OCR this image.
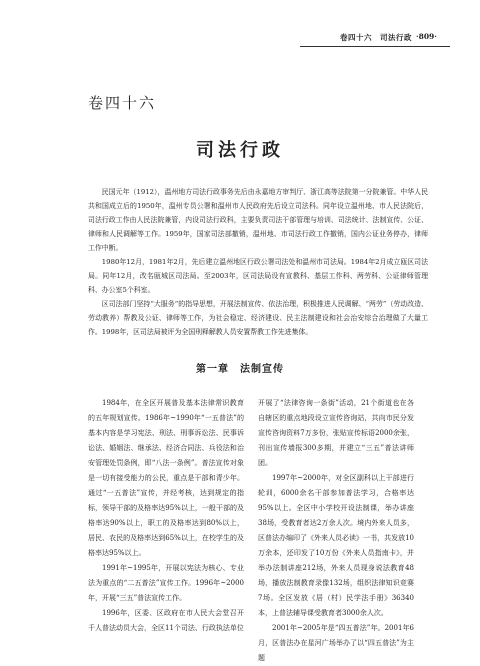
卷四十六　司法行政 ·809·
卷四十六
司法行政

民国元年（1912），温州地方司法行政事务先后由永嘉地方审判厅、浙江高等法院第一分院兼管。中华人民共和国成立后的1950年，温州专员公署和温州市人民政府先后设立司法科。同年设立温州地、市人民法院后，司法行政工作由人民法院兼管，内设司法行政科，主要负责司法干部管理与培训、司法统计、法制宣传、公证、律师和人民调解等工作。1959年，国家司法部撤销，温州地、市司法行政工作撤销，国内公证业务停办，律师工作中断。

1980年12月，1981年2月，先后建立温州地区行政公署司法处和温州市司法局。1984年2月成立瓯区司法局。同年12月，改名瓯城区司法局。至2003年，区司法局设有宣教科、基层工作科、两劳科、公证律师管理科、办公室5个科室。

区司法部门坚持“大服务”的指导思想，开展法制宣传、依法治理，积极推进人民调解、“两劳”（劳动改造、劳动教养）帮教及公证、律师等工作，为社会稳定、经济建设、民主法制建设和社会治安综合治理做了大量工作。1998年，区司法局被评为全国刑释解教人员安置帮教工作先进集体。

第一章　法制宣传

1984年，在全区开展普及基本法律常识教育的五年规划宣传。1986年~1990年“一五普法”的基本内容是学习宪法、刑法、刑事诉讼法、民事诉讼法、婚姻法、继承法、经济合同法、兵役法和治安管理处罚条例，即“八法一条例”。普法宣传对象是一切有接受能力的公民，重点是干部和青少年。通过“一五普法”宣传，并经考核，达到规定的指标，领导干部的及格率达95%以上，一般干部的及格率达90%以上，职工的及格率达到80%以上，居民、农民的及格率达到65%以上，在校学生的及格率达95%以上。

1991年~1995年，开展以宪法为核心、专业法为重点的“二五普法”宣传工作。1996年~2000年，开展“三五”普法宣传工作。

1996年，区委、区政府在市人民大会堂召开千人普法动员大会，全区11个司法、行政执法单位

开展了“法律咨询一条街”活动，21个街道也在各自辖区的重点地段设立宣传咨询站，共向市民分发宣传咨询资料7万多份，张贴宣传标语2000余张，刊出宣传墙报300多期，并建立“三五”普法讲师团。

1997年~2000年，对全区副科以上干部进行轮训，6000余名干部参加普法学习，合格率达95%以上。全区中小学校开设法制课，举办讲座38场，受教育者达2万余人次。境内外来人员多，区普法办编印了《外来人员必读》一书，共发放10万余本，还印发了10万份《外来人员指南卡》，并举办法制讲座212场，外来人员现身说法教育48场，播放法制教育录像132场，组织法律知识竞赛7场。全区发放《居（村）民学法手册》36340本，上普法辅导课受教育者3000余人次。

2001年~2005年是“四五普法”年。2001年6月，区普法办在星河广场举办了以“四五普法”为主题
